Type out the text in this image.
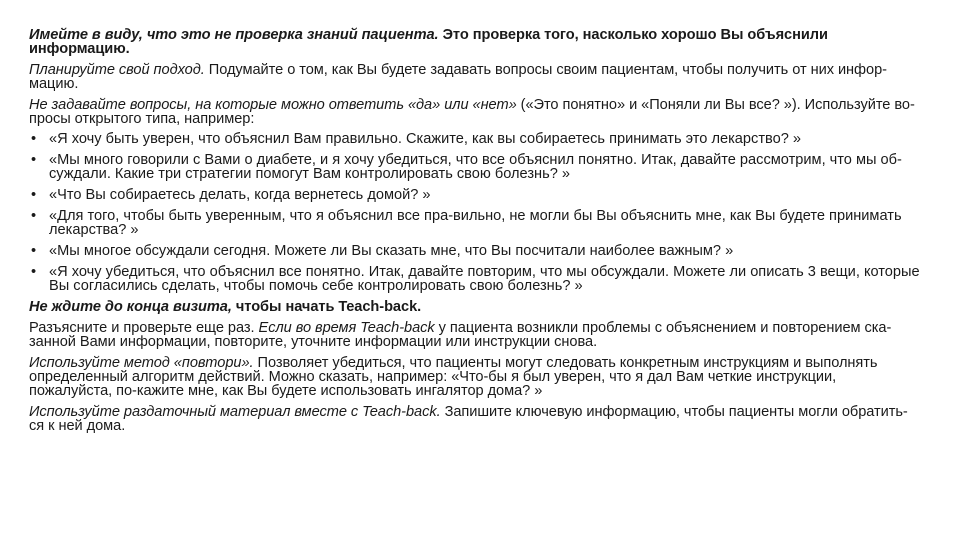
Имейте в виду, что это не проверка знаний пациента. Это проверка того, насколько хорошо Вы объяснили информацию.

Планируйте свой подход. Подумайте о том, как Вы будете задавать вопросы своим пациентам, чтобы получить от них инфор-мацию.

Не задавайте вопросы, на которые можно ответить «да» или «нет» («Это понятно» и «Поняли ли Вы все? »). Используйте во-просы открытого типа, например:

• «Я хочу быть уверен, что объяснил Вам правильно. Скажите, как вы собираетесь принимать это лекарство? »
• «Мы много говорили с Вами о диабете, и я хочу убедиться, что все объяснил понятно. Итак, давайте рассмотрим, что мы об-суждали. Какие три стратегии помогут Вам контролировать свою болезнь? »
• «Что Вы собираетесь делать, когда вернетесь домой? »
• «Для того, чтобы быть уверенным, что я объяснил все пра-вильно, не могли бы Вы объяснить мне, как Вы будете принимать лекарства? »
• «Мы многое обсуждали сегодня. Можете ли Вы сказать мне, что Вы посчитали наиболее важным? »
• «Я хочу убедиться, что объяснил все понятно. Итак, давайте повторим, что мы обсуждали. Можете ли описать 3 вещи, которые Вы согласились сделать, чтобы помочь себе контролировать свою болезнь? »

Не ждите до конца визита, чтобы начать Teach-back.

Разъясните и проверьте еще раз. Если во время Teach-back у пациента возникли проблемы с объяснением и повторением ска-занной Вами информации, повторите, уточните информации или инструкции снова.

Используйте метод «повтори». Позволяет убедиться, что пациенты могут следовать конкретным инструкциям и выполнять определенный алгоритм действий. Можно сказать, например: «Что-бы я был уверен, что я дал Вам четкие инструкции, пожалуйста, по-кажите мне, как Вы будете использовать ингалятор дома? »

Используйте раздаточный материал вместе с Teach-back. Запишите ключевую информацию, чтобы пациенты могли обратить-ся к ней дома.
